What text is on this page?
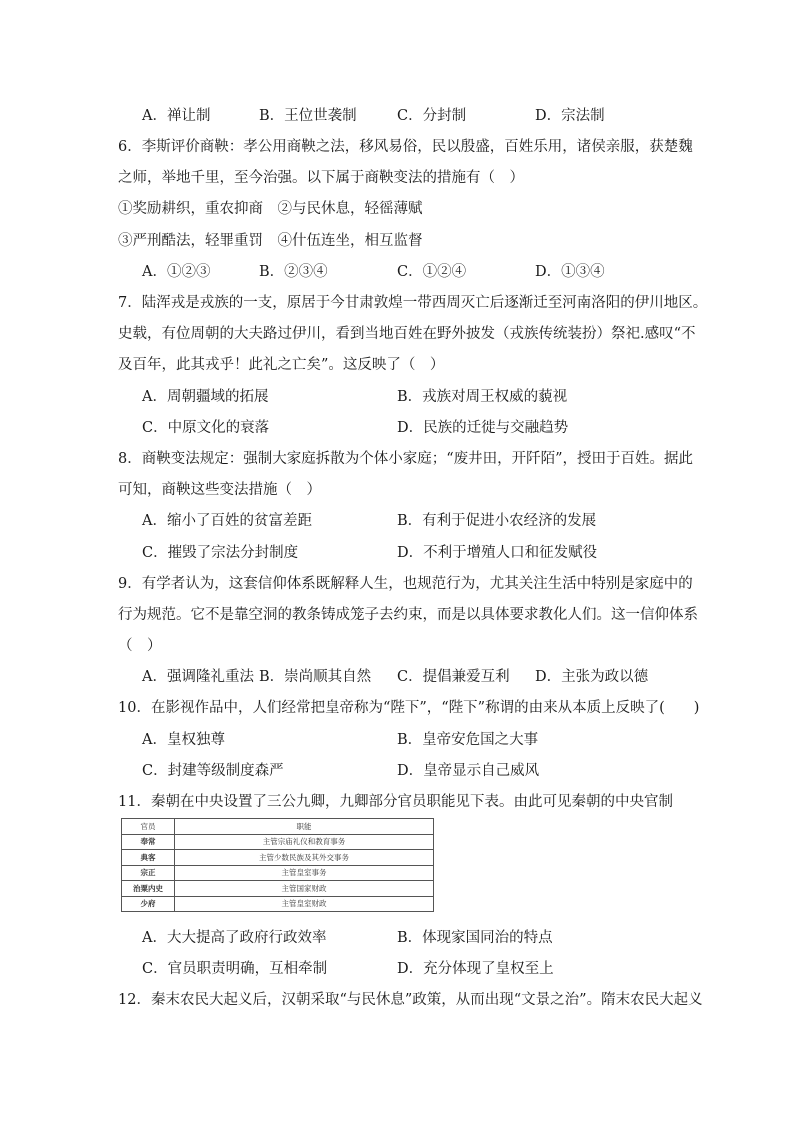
A．禅让制	B．王位世袭制	C．分封制	D．宗法制
6．李斯评价商鞅：孝公用商鞅之法，移风易俗，民以殷盛，百姓乐用，诸侯亲服，获楚魏
之师，举地千里，至今治强。以下属于商鞅变法的措施有（　）
①奖励耕织，重农抑商　②与民休息，轻徭薄赋
③严刑酷法，轻罪重罚　④什伍连坐，相互监督
A．①②③	B．②③④	C．①②④	D．①③④
7．陆浑戎是戎族的一支，原居于今甘肃敦煌一带西周灭亡后逐渐迁至河南洛阳的伊川地区。
史载，有位周朝的大夫路过伊川，看到当地百姓在野外披发（戎族传统装扮）祭祀.感叹“不
及百年，此其戎乎！此礼之亡矣”。这反映了（　）
A．周朝疆域的拓展	B．戎族对周王权威的藐视
C．中原文化的衰落	D．民族的迁徙与交融趋势
8．商鞅变法规定：强制大家庭拆散为个体小家庭；“废井田，开阡陌”，授田于百姓。据此
可知，商鞅这些变法措施（　）
A．缩小了百姓的贫富差距	B．有利于促进小农经济的发展
C．摧毁了宗法分封制度	D．不利于增殖人口和征发赋役
9．有学者认为，这套信仰体系既解释人生，也规范行为，尤其关注生活中特别是家庭中的
行为规范。它不是靠空洞的教条铸成笼子去约束，而是以具体要求教化人们。这一信仰体系
（　）
A．强调隆礼重法 B．崇尚顺其自然 C．提倡兼爱互利 D．主张为政以德
10．在影视作品中，人们经常把皇帝称为“陛下”，“陛下”称谓的由来从本质上反映了(　　)
A．皇权独尊	B．皇帝安危国之大事
C．封建等级制度森严	D．皇帝显示自己威风
11．秦朝在中央设置了三公九卿，九卿部分官员职能见下表。由此可见秦朝的中央官制
官员	职能
奉常	主管宗庙礼仪和教育事务
典客	主管少数民族及其外交事务
宗正	主管皇室事务
治粟内史	主管国家财政
少府	主管皇室财政
A．大大提高了政府行政效率	B．体现家国同治的特点
C．官员职责明确，互相牵制	D．充分体现了皇权至上
12．秦末农民大起义后，汉朝采取“与民休息”政策，从而出现“文景之治”。隋末农民大起义
